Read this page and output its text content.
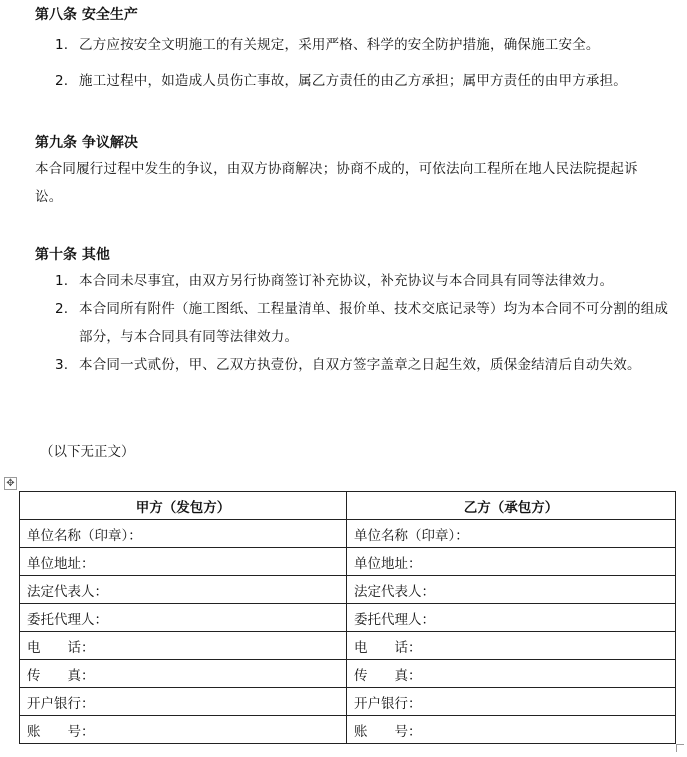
第八条 安全生产
1. 乙方应按安全文明施工的有关规定，采用严格、科学的安全防护措施，确保施工安全。
2. 施工过程中，如造成人员伤亡事故，属乙方责任的由乙方承担；属甲方责任的由甲方承担。
第九条 争议解决
本合同履行过程中发生的争议，由双方协商解决；协商不成的，可依法向工程所在地人民法院提起诉讼。
第十条 其他
1. 本合同未尽事宜，由双方另行协商签订补充协议，补充协议与本合同具有同等法律效力。
2. 本合同所有附件（施工图纸、工程量清单、报价单、技术交底记录等）均为本合同不可分割的组成部分，与本合同具有同等法律效力。
3. 本合同一式贰份，甲、乙双方执壹份，自双方签字盖章之日起生效，质保金结清后自动失效。
（以下无正文）
✥
甲方（发包方）	乙方（承包方）
单位名称（印章）：	单位名称（印章）：
单位地址：	单位地址：
法定代表人：	法定代表人：
委托代理人：	委托代理人：
电　　话：	电　　话：
传　　真：	传　　真：
开户银行：	开户银行：
账　　号：	账　　号：
